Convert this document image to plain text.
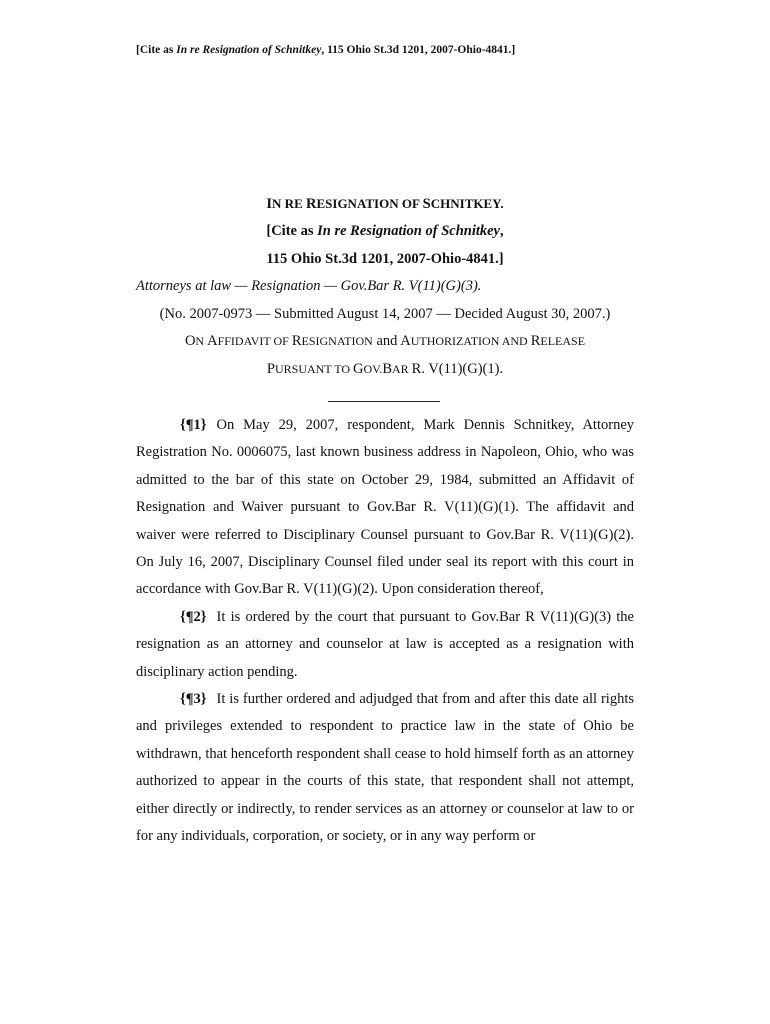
[Cite as In re Resignation of Schnitkey, 115 Ohio St.3d 1201, 2007-Ohio-4841.]
IN RE RESIGNATION OF SCHNITKEY.
[Cite as In re Resignation of Schnitkey,
115 Ohio St.3d 1201, 2007-Ohio-4841.]
Attorneys at law — Resignation — Gov.Bar R. V(11)(G)(3).
(No. 2007-0973 — Submitted August 14, 2007 — Decided August 30, 2007.)
ON AFFIDAVIT OF RESIGNATION and AUTHORIZATION AND RELEASE
PURSUANT TO GOV.BAR R. V(11)(G)(1).

{¶1} On May 29, 2007, respondent, Mark Dennis Schnitkey, Attorney Registration No. 0006075, last known business address in Napoleon, Ohio, who was admitted to the bar of this state on October 29, 1984, submitted an Affidavit of Resignation and Waiver pursuant to Gov.Bar R. V(11)(G)(1). The affidavit and waiver were referred to Disciplinary Counsel pursuant to Gov.Bar R. V(11)(G)(2). On July 16, 2007, Disciplinary Counsel filed under seal its report with this court in accordance with Gov.Bar R. V(11)(G)(2). Upon consideration thereof,

{¶2} It is ordered by the court that pursuant to Gov.Bar R V(11)(G)(3) the resignation as an attorney and counselor at law is accepted as a resignation with disciplinary action pending.

{¶3} It is further ordered and adjudged that from and after this date all rights and privileges extended to respondent to practice law in the state of Ohio be withdrawn, that henceforth respondent shall cease to hold himself forth as an attorney authorized to appear in the courts of this state, that respondent shall not attempt, either directly or indirectly, to render services as an attorney or counselor at law to or for any individuals, corporation, or society, or in any way perform or
